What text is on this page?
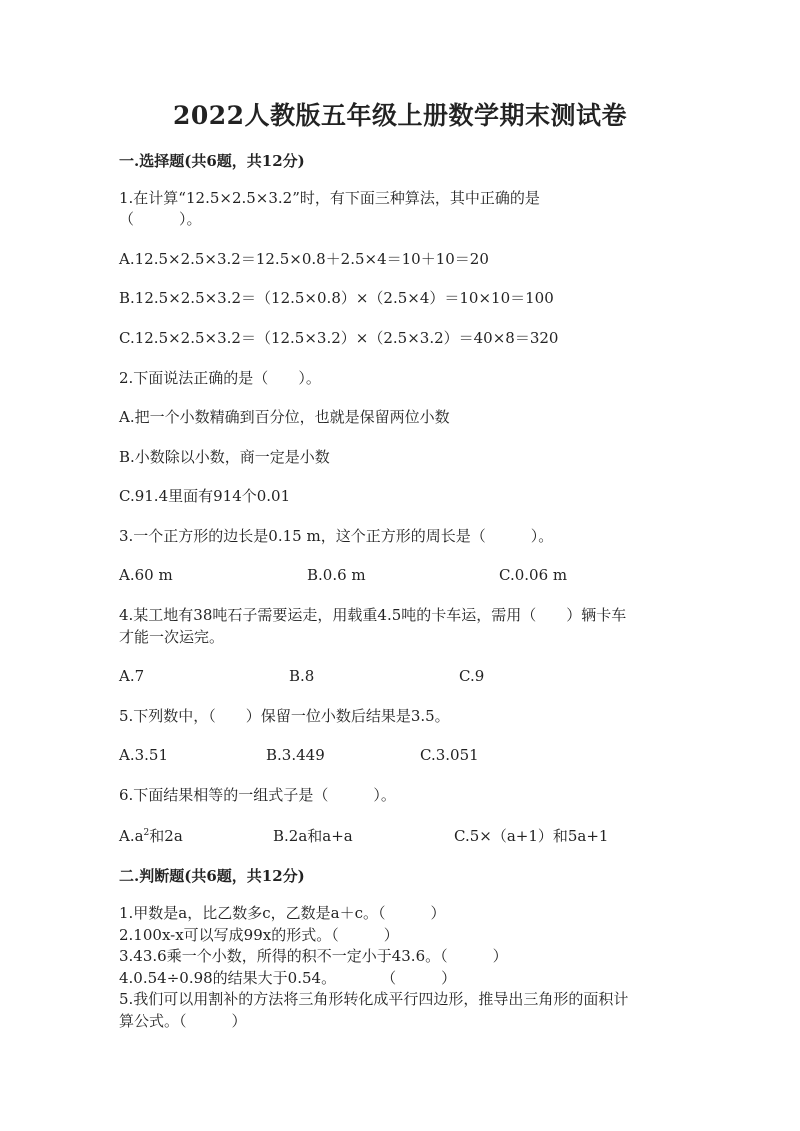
2022人教版五年级上册数学期末测试卷
一.选择题(共6题，共12分)
1.在计算“12.5×2.5×3.2”时，有下面三种算法，其中正确的是
（　　　）。
A.12.5×2.5×3.2＝12.5×0.8＋2.5×4＝10＋10＝20
B.12.5×2.5×3.2＝（12.5×0.8）×（2.5×4）＝10×10＝100
C.12.5×2.5×3.2＝（12.5×3.2）×（2.5×3.2）＝40×8＝320
2.下面说法正确的是（　　）。
A.把一个小数精确到百分位，也就是保留两位小数
B.小数除以小数，商一定是小数
C.91.4里面有914个0.01
3.一个正方形的边长是0.15 m，这个正方形的周长是（　　　）。

A.60 m

	B.0.6 m

	C.0.06 m

4.某工地有38吨石子需要运走，用载重4.5吨的卡车运，需用（　　）辆卡车
才能一次运完。

A.7

	B.8

	C.9

5.下列数中，（　　）保留一位小数后结果是3.5。

A.3.51

	B.3.449

	C.3.051

6.下面结果相等的一组式子是（　　　）。

$A.a^2$和2a

	B.2a和a+a

	C.5×（a+1）和5a+1

二.判断题(共6题，共12分)
1.甲数是a，比乙数多c，乙数是a＋c。（　　　）
2.100x-x可以写成99x的形式。（　　　）
3.43.6乘一个小数，所得的积不一定小于43.6。（　　　）
4.0.54÷0.98的结果大于0.54。　　　　（　　　）
5.我们可以用割补的方法将三角形转化成平行四边形，推导出三角形的面积计
算公式。（　　　）
